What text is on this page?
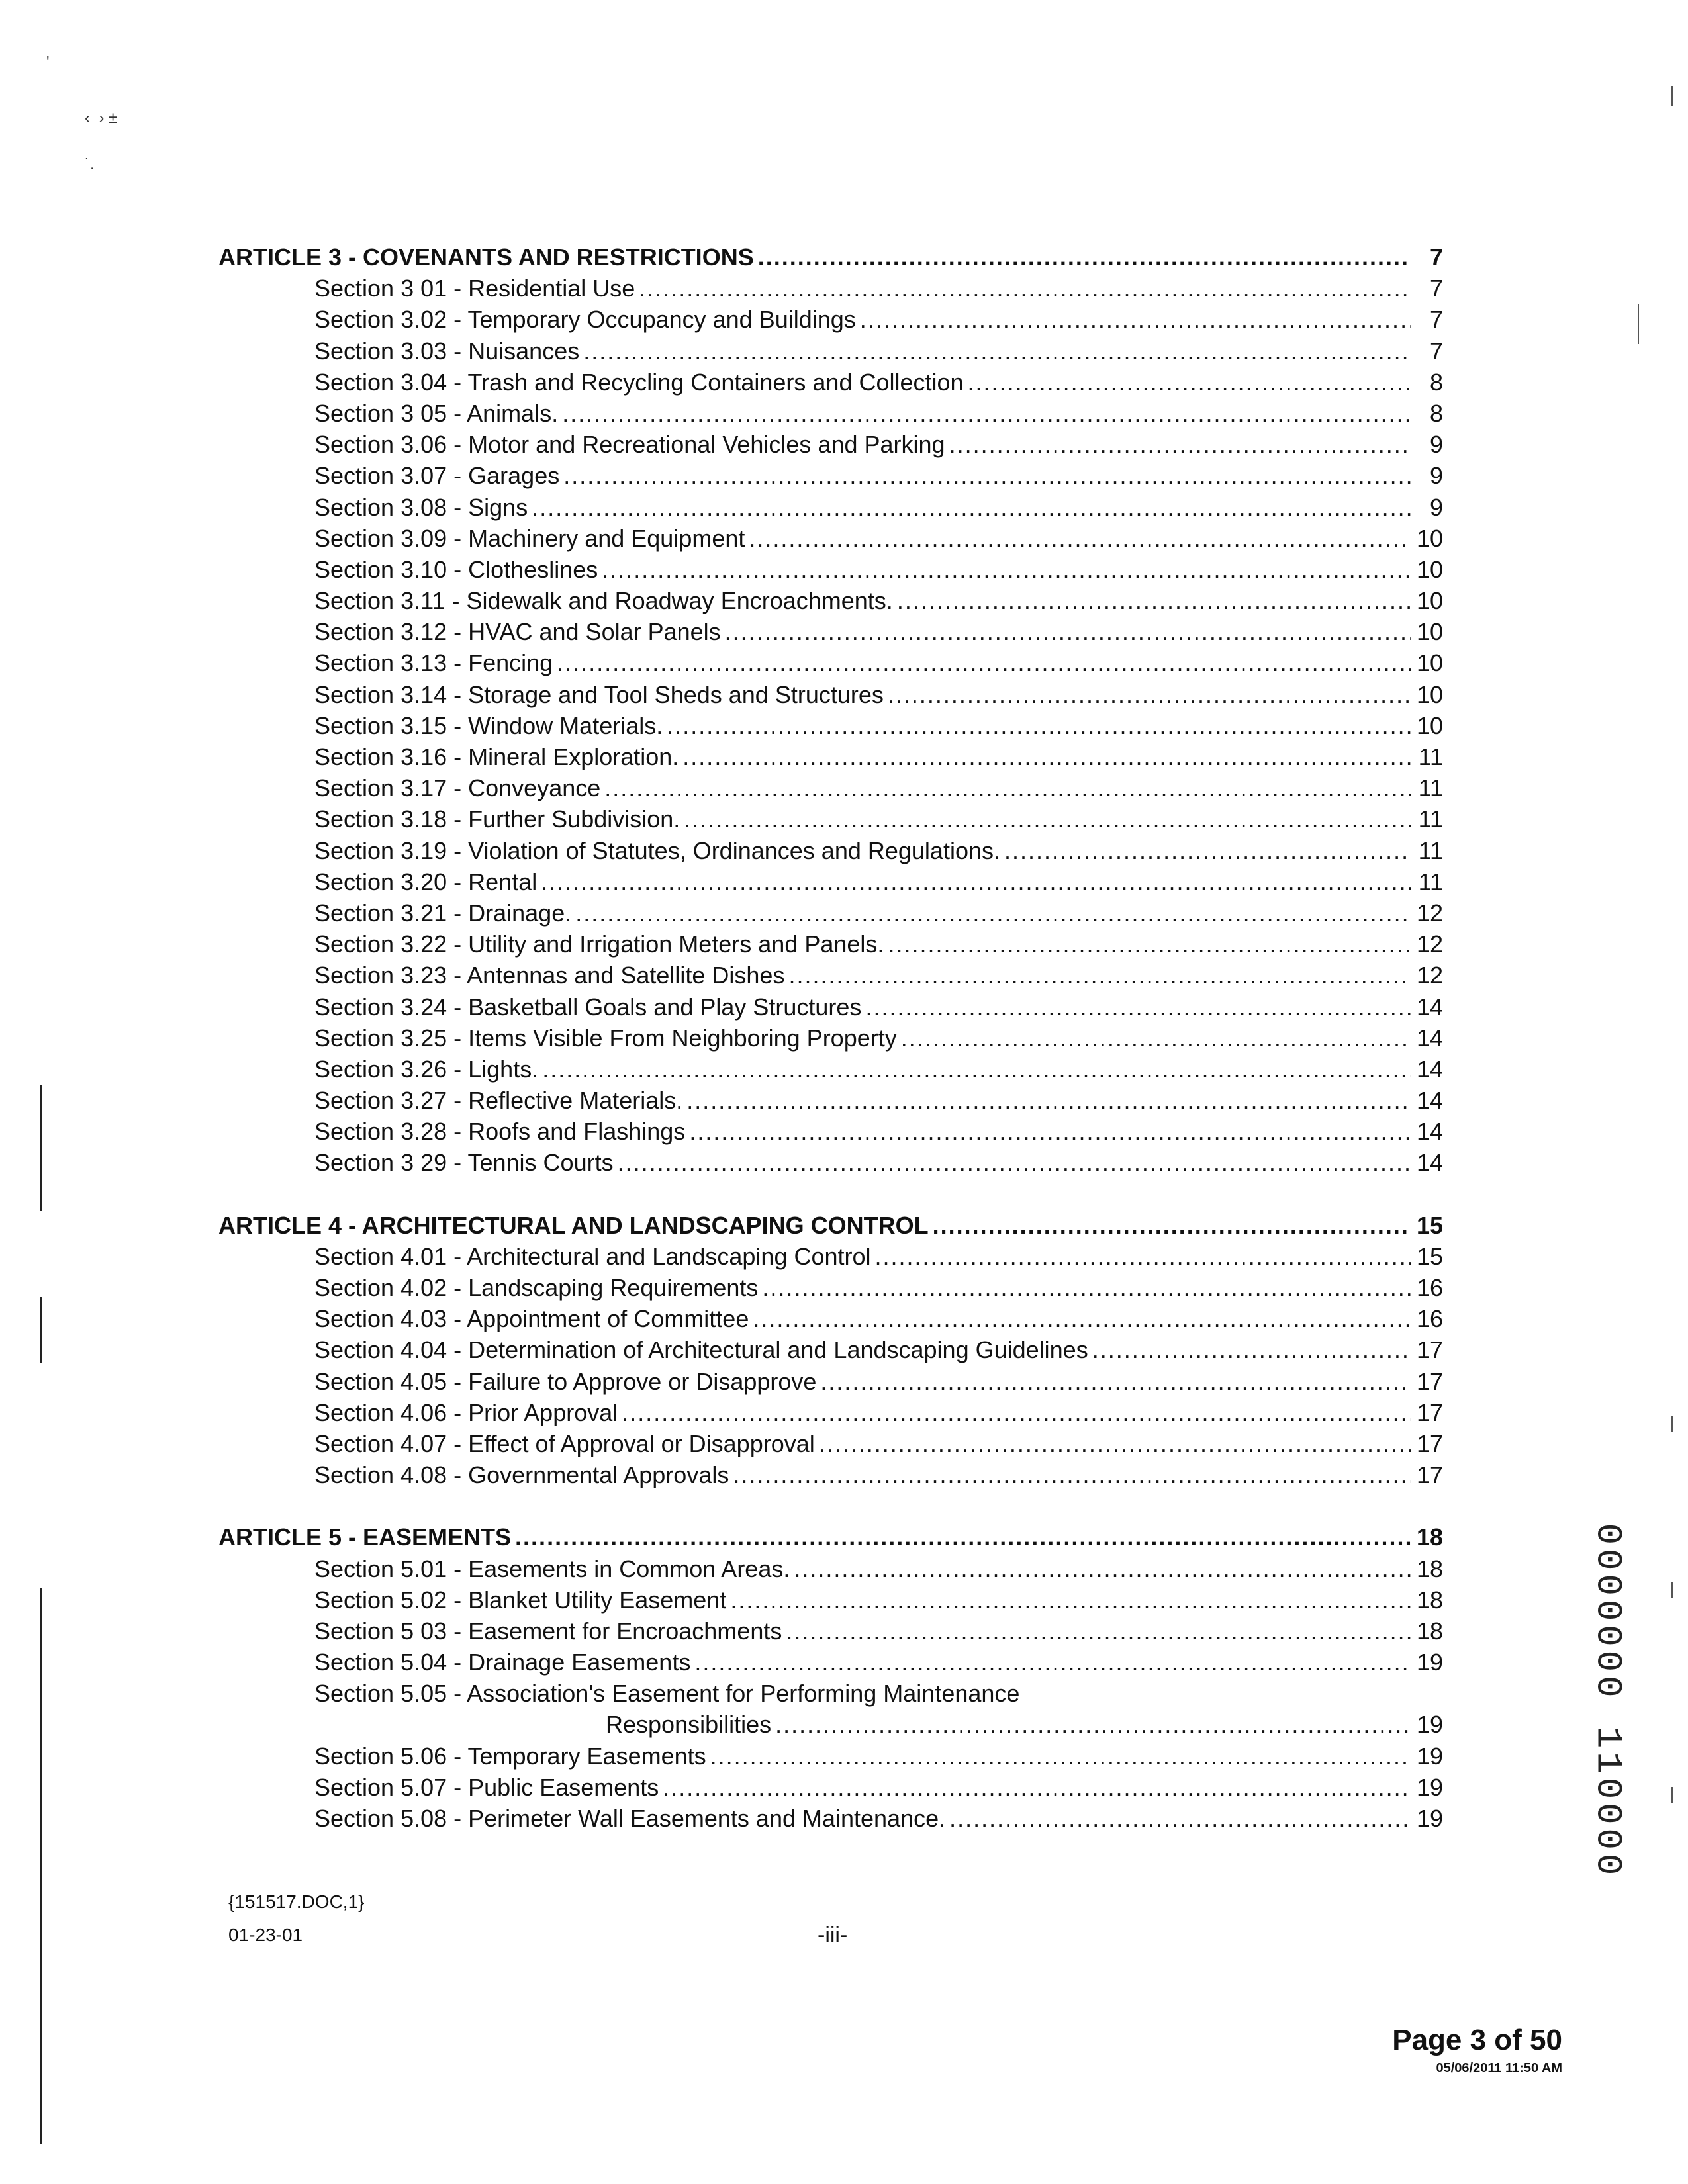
ARTICLE 3 - COVENANTS AND RESTRICTIONS . . .	7
Section 3 01 - Residential Use . . .	7
Section 3.02 - Temporary Occupancy and Buildings . . .	7
Section 3.03 - Nuisances . . .	7
Section 3.04 - Trash and Recycling Containers and Collection . . .	8
Section 3 05 - Animals. . . .	8
Section 3.06 - Motor and Recreational Vehicles and Parking . . .	9
Section 3.07 - Garages . . .	9
Section 3.08 - Signs . . .	9
Section 3.09 - Machinery and Equipment . . .	10
Section 3.10 - Clotheslines . . .	10
Section 3.11 - Sidewalk and Roadway Encroachments. . . .	10
Section 3.12 - HVAC and Solar Panels . . .	10
Section 3.13 - Fencing . . .	10
Section 3.14 - Storage and Tool Sheds and Structures . . .	10
Section 3.15 - Window Materials. . . .	10
Section 3.16 - Mineral Exploration. . . .	11
Section 3.17 - Conveyance . . .	11
Section 3.18 - Further Subdivision. . . .	11
Section 3.19 - Violation of Statutes, Ordinances and Regulations. . . .	11
Section 3.20 - Rental . . .	11
Section 3.21 - Drainage. . . .	12
Section 3.22 - Utility and Irrigation Meters and Panels. . . .	12
Section 3.23 - Antennas and Satellite Dishes . . .	12
Section 3.24 - Basketball Goals and Play Structures . . .	14
Section 3.25 - Items Visible From Neighboring Property . . .	14
Section 3.26 - Lights. . . .	14
Section 3.27 - Reflective Materials. . . .	14
Section 3.28 - Roofs and Flashings . . .	14
Section 3 29 - Tennis Courts . . .	14
ARTICLE 4 - ARCHITECTURAL AND LANDSCAPING CONTROL . . .	15
Section 4.01 - Architectural and Landscaping Control . . .	15
Section 4.02 - Landscaping Requirements . . .	16
Section 4.03 - Appointment of Committee . . .	16
Section 4.04 - Determination of Architectural and Landscaping Guidelines . . .	17
Section 4.05 - Failure to Approve or Disapprove . . .	17
Section 4.06 - Prior Approval . . .	17
Section 4.07 - Effect of Approval or Disapproval . . .	17
Section 4.08 - Governmental Approvals . . .	17
ARTICLE 5 - EASEMENTS . . .	18
Section 5.01 - Easements in Common Areas. . . .	18
Section 5.02 - Blanket Utility Easement . . .	18
Section 5 03 - Easement for Encroachments . . .	18
Section 5.04 - Drainage Easements . . .	19
Section 5.05 - Association's Easement for Performing Maintenance
Responsibilities . . .	19
Section 5.06 - Temporary Easements . . .	19
Section 5.07 - Public Easements . . .	19
Section 5.08 - Perimeter Wall Easements and Maintenance. . . .	19
{151517.DOC,1}
01-23-01	-iii-
Page 3 of 50
05/06/2011 11:50 AM
0000000 110000
'
‹  › ±
˙.
